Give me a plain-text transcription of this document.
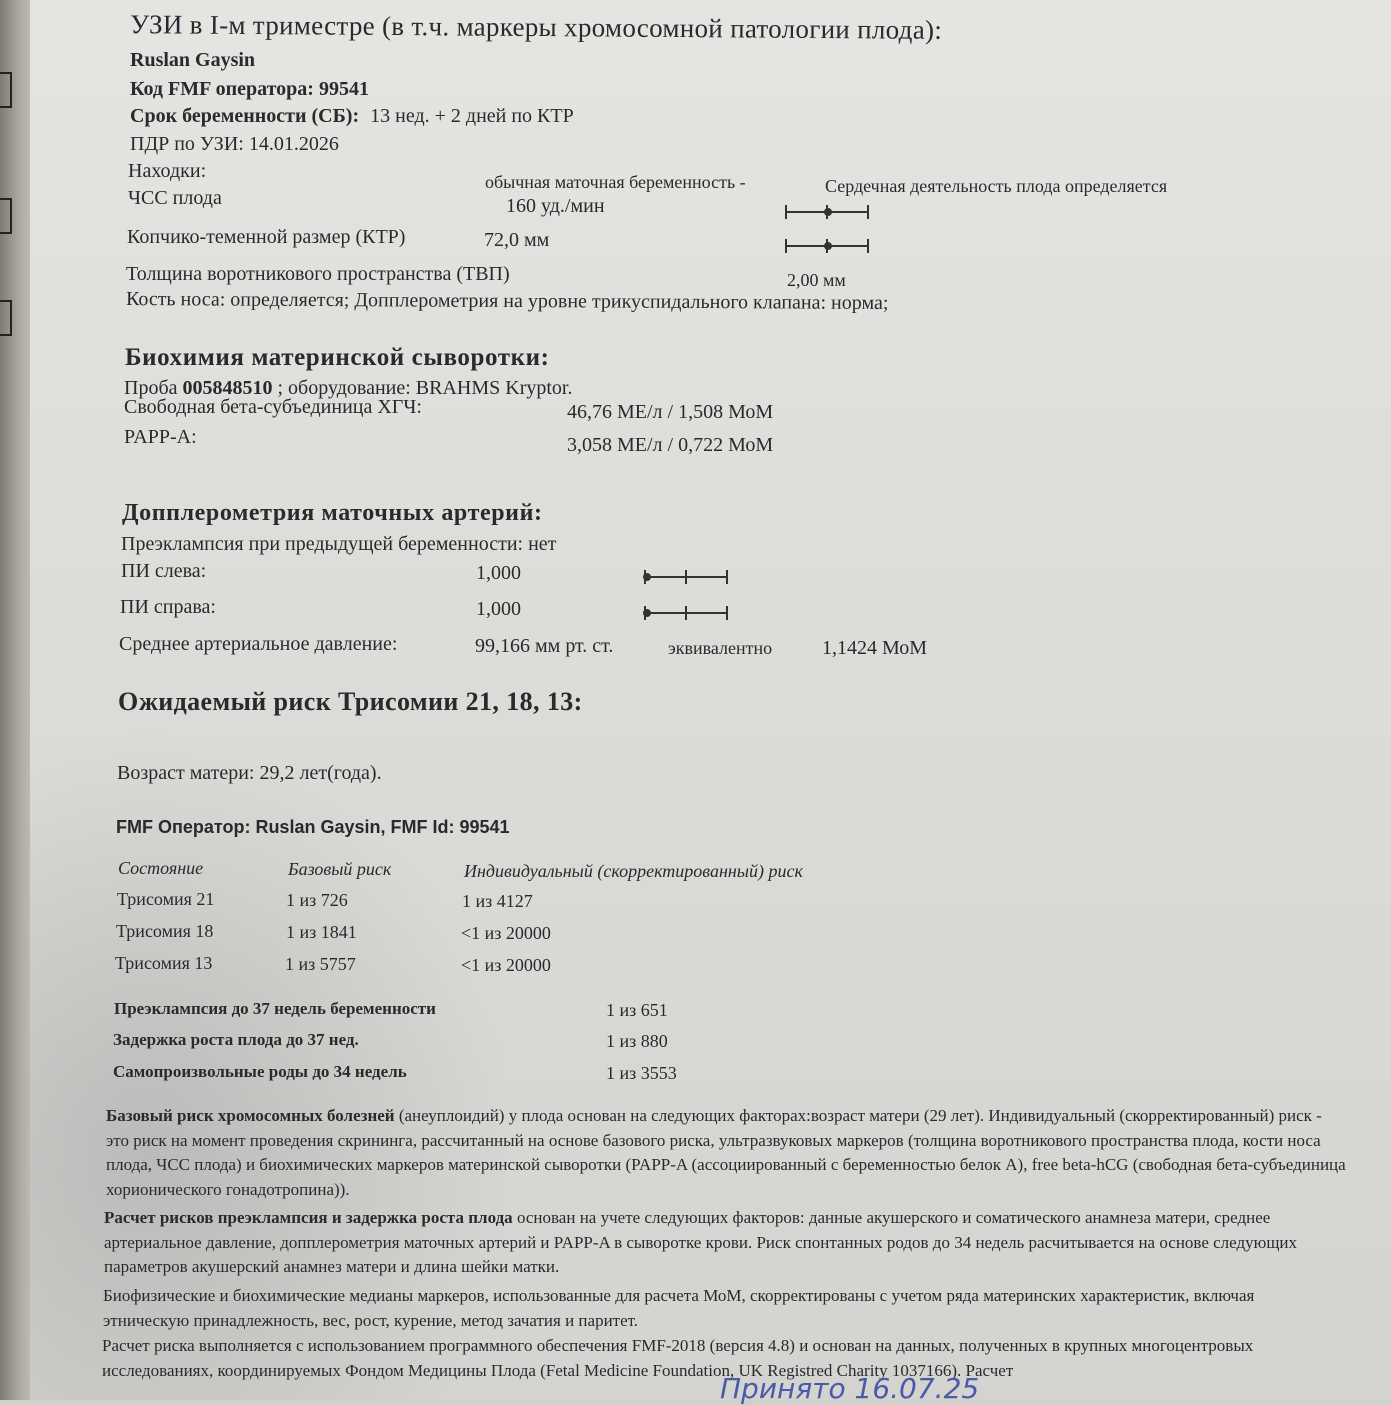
УЗИ в I-м триместре (в т.ч. маркеры хромосомной патологии плода):
Ruslan Gaysin
Код FMF оператора: 99541
Срок беременности (СБ): 13 нед. + 2 дней по КТР
ПДР по УЗИ: 14.01.2026
Находки:	обычная маточная беременность -	Сердечная деятельность плода определяется
ЧСС плода	160 уд./мин
Копчико-теменной размер (КТР)	72,0 мм
Толщина воротникового пространства (ТВП)	2,00 мм
Кость носа: определяется; Допплерометрия на уровне трикуспидального клапана: норма;
Биохимия материнской сыворотки:
Проба 005848510 ; оборудование: BRAHMS Kryptor.
Свободная бета-субъединица ХГЧ:	46,76 МЕ/л / 1,508 МоМ
PAPP-A:	3,058 МЕ/л / 0,722 МоМ
Допплерометрия маточных артерий:
Преэклампсия при предыдущей беременности: нет
ПИ слева:	1,000
ПИ справа:	1,000
Среднее артериальное давление:	99,166 мм рт. ст.	эквивалентно 1,1424 МоМ
Ожидаемый риск Трисомии 21, 18, 13:
Возраст матери: 29,2 лет(года).
FMF Оператор: Ruslan Gaysin, FMF Id: 99541
Состояние	Базовый риск	Индивидуальный (скорректированный) риск
Трисомия 21	1 из 726	1 из 4127
Трисомия 18	1 из 1841	<1 из 20000
Трисомия 13	1 из 5757	<1 из 20000
Преэклампсия до 37 недель беременности	1 из 651
Задержка роста плода до 37 нед.	1 из 880
Самопроизвольные роды до 34 недель	1 из 3553
Базовый риск хромосомных болезней (анеуплоидий) у плода основан на следующих факторах:возраст матери (29 лет). Индивидуальный (скорректированный) риск - это риск на момент проведения скрининга, рассчитанный на основе базового риска, ультразвуковых маркеров (толщина воротникового пространства плода, кости носа плода, ЧСС плода) и биохимических маркеров материнской сыворотки (PAPP-A (ассоциированный с беременностью белок А), free beta-hCG (свободная бета-субъединица хорионического гонадотропина)).
Расчет рисков преэклампсия и задержка роста плода основан на учете следующих факторов: данные акушерского и соматического анамнеза матери, среднее артериальное давление, допплерометрия маточных артерий и PAPP-A в сыворотке крови. Риск спонтанных родов до 34 недель расчитывается на основе следующих параметров акушерский анамнез матери и длина шейки матки.
Биофизические и биохимические медианы маркеров, использованные для расчета МоМ, скорректированы с учетом ряда материнских характеристик, включая этническую принадлежность, вес, рост, курение, метод зачатия и паритет.
Расчет риска выполняется с использованием программного обеспечения FMF-2018 (версия 4.8) и основан на данных, полученных в крупных многоцентровых исследованиях, координируемых Фондом Медицины Плода (Fetal Medicine Foundation, UK Registred Charity 1037166). Расчет
Принято 16.07.25
